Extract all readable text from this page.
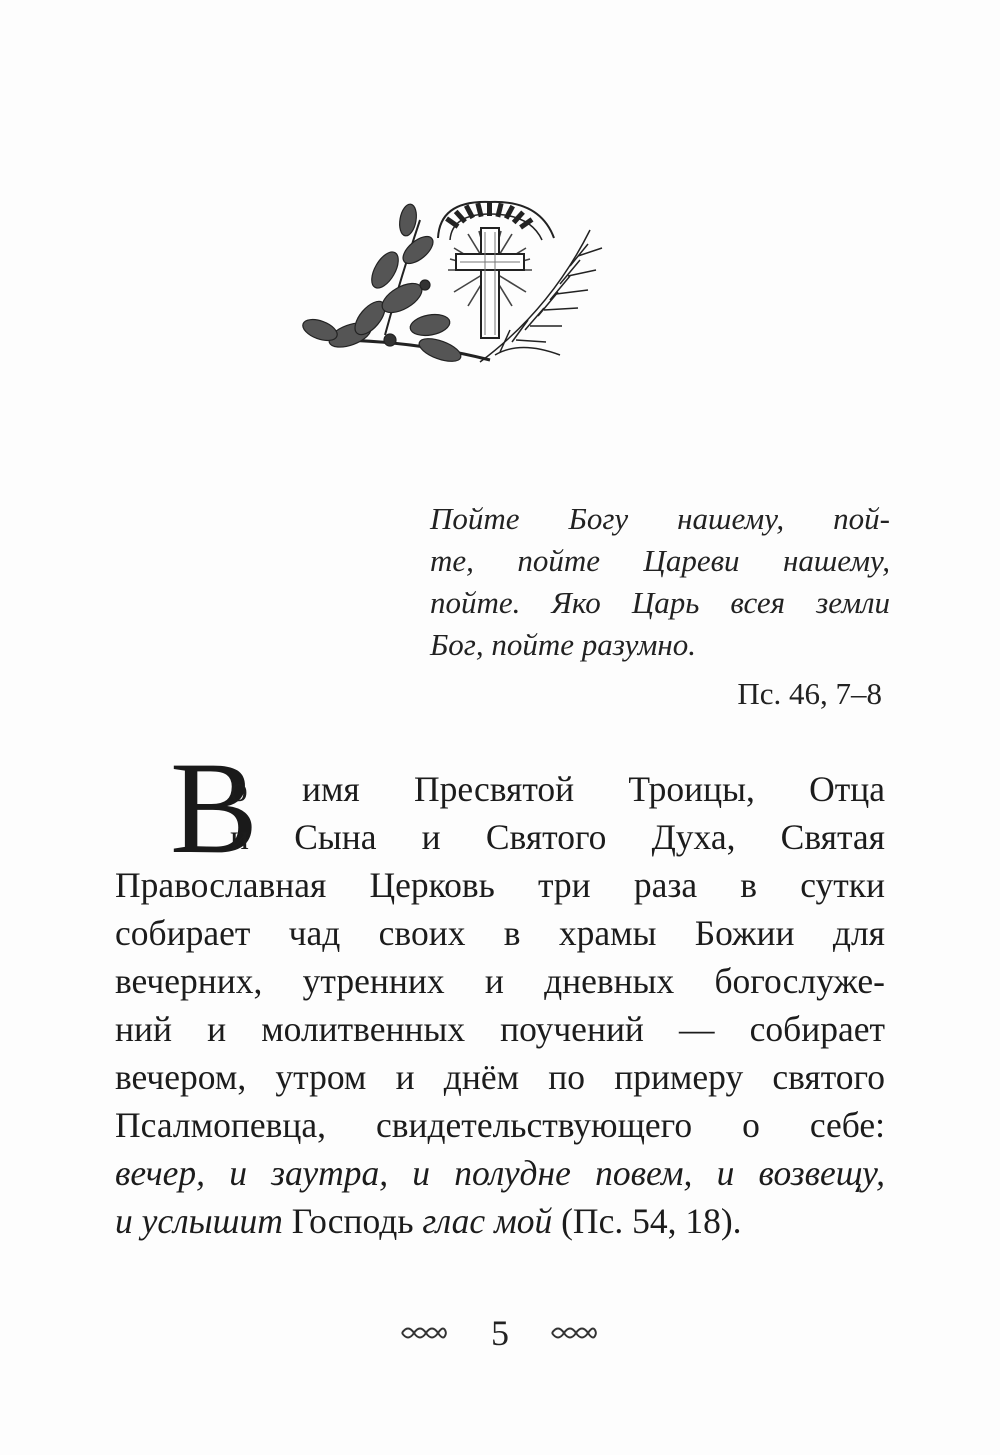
Пойте Богу нашему, пой-
те, пойте Цареви нашему,
пойте. Яко Царь всея земли
Бог, пойте разумно.
Пс. 46, 7–8
В
о имя Пресвятой Троицы, Отца
и Сына и Святого Духа, Святая
Православная Церковь три раза в сутки
собирает чад своих в храмы Божии для
вечерних, утренних и дневных богослуже-
ний и молитвенных поучений — собирает
вечером, утром и днём по примеру святого
Псалмопевца, свидетельствующего о себе:
вечер, и заутра, и полудне повем, и возвещу,
и услышит Господь глас мой (Пс. 54, 18).
5
